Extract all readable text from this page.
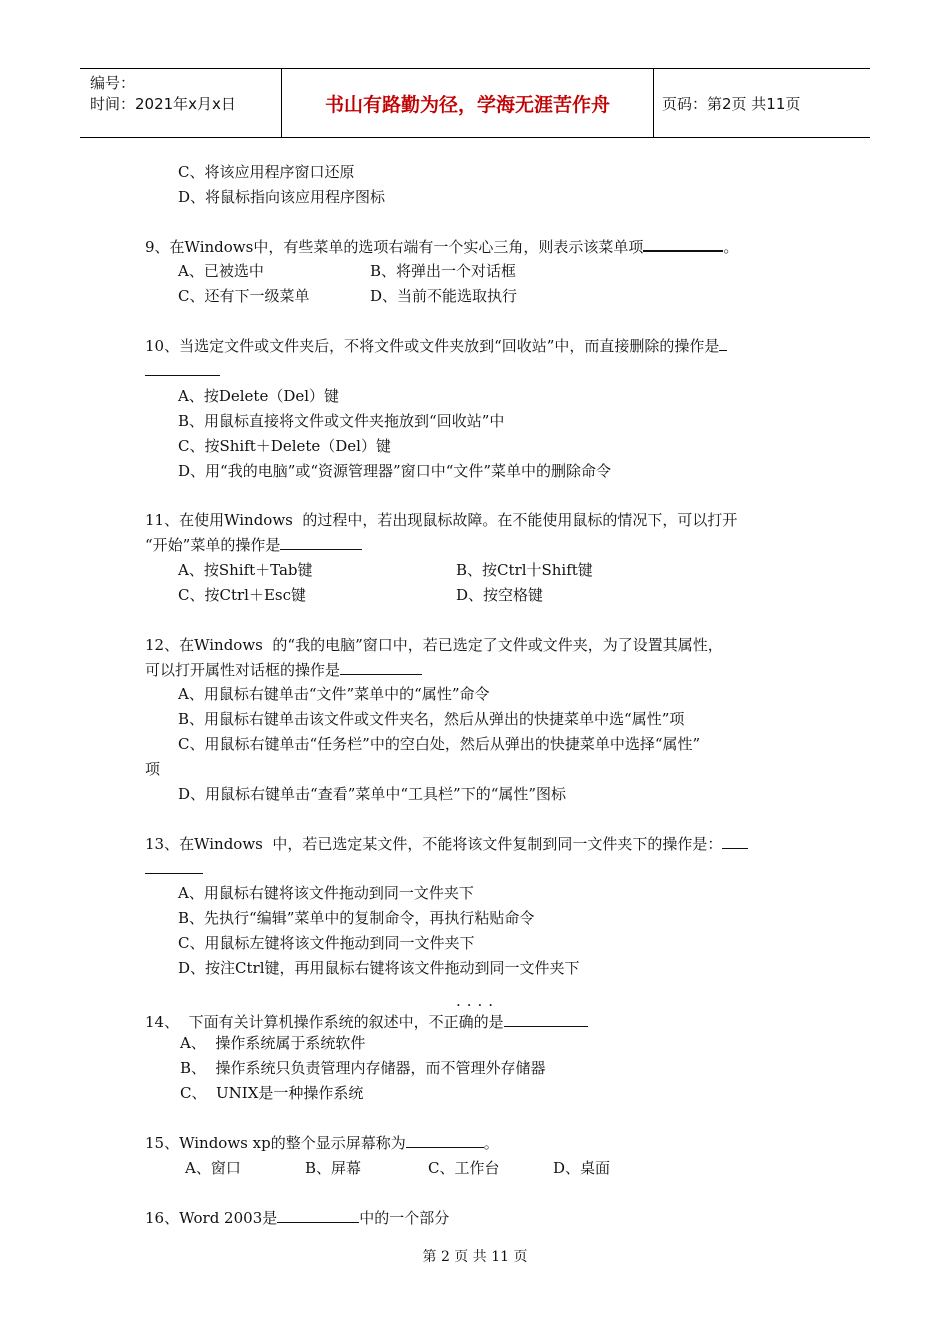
编号：
时间：2021年x月x日	书山有路勤为径，学海无涯苦作舟	页码：第2页 共11页
C、将该应用程序窗口还原
D、将鼠标指向该应用程序图标
9、在Windows中，有些菜单的选项右端有一个实心三角，则表示该菜单项	。
A、已被选中	B、将弹出一个对话框
C、还有下一级菜单	D、当前不能选取执行
10、当选定文件或文件夹后，不将文件或文件夹放到“回收站”中，而直接删除的操作是
A、按Delete（Del）键
B、用鼠标直接将文件或文件夹拖放到“回收站”中
C、按Shift＋Delete（Del）键
D、用“我的电脑”或“资源管理器”窗口中“文件”菜单中的删除命令
11、在使用Windows  的过程中，若出现鼠标故障。在不能使用鼠标的情况下，可以打开
“开始”菜单的操作是
A、按Shift＋Tab键	B、按Ctrl十Shift键
C、按Ctrl＋Esc键	D、按空格键
12、在Windows  的“我的电脑”窗口中，若已选定了文件或文件夹，为了设置其属性，
可以打开属性对话框的操作是
A、用鼠标右键单击“文件”菜单中的“属性”命令
B、用鼠标右键单击该文件或文件夹名，然后从弹出的快捷菜单中选“属性”项
C、用鼠标右键单击“任务栏”中的空白处，然后从弹出的快捷菜单中选择“属性”
项
D、用鼠标右键单击“查看”菜单中“工具栏”下的“属性”图标
13、在Windows  中，若已选定某文件，不能将该文件复制到同一文件夹下的操作是：
A、用鼠标右键将该文件拖动到同一文件夹下
B、先执行“编辑”菜单中的复制命令，再执行粘贴命令
C、用鼠标左键将该文件拖动到同一文件夹下
D、按注Ctrl键，再用鼠标右键将该文件拖动到同一文件夹下
....
14、  下面有关计算机操作系统的叙述中，不正确的是
A、  操作系统属于系统软件
B、  操作系统只负责管理内存储器，而不管理外存储器
C、  UNIX是一种操作系统
15、Windows xp的整个显示屏幕称为	。
A、窗口	B、屏幕	C、工作台	D、桌面
16、Word 2003是	中的一个部分
第 2 页 共 11 页
